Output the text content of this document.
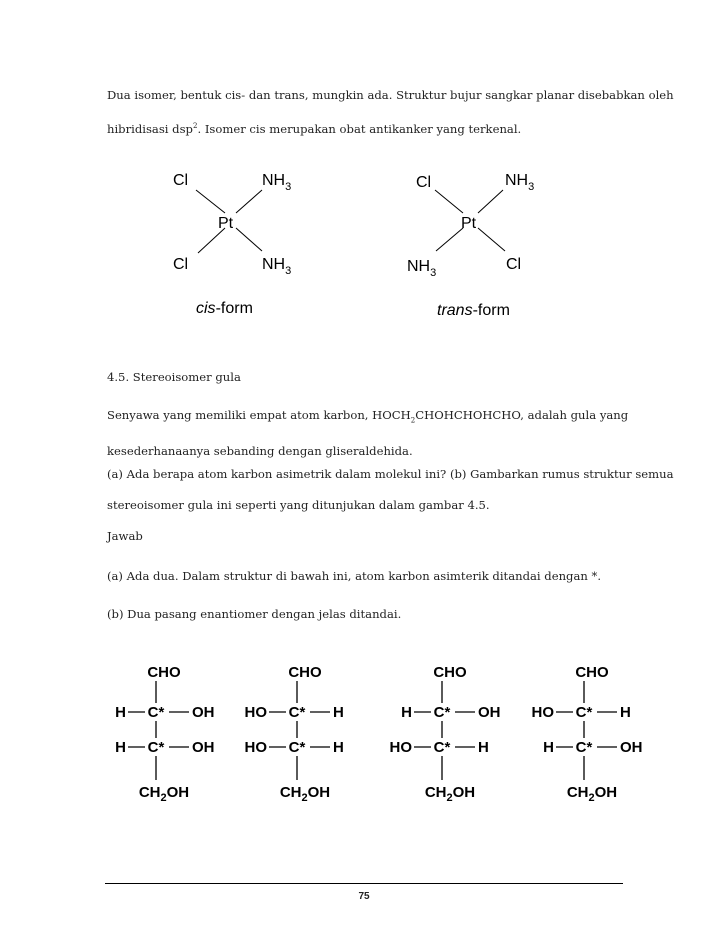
Dua isomer, bentuk cis- dan trans, mungkin ada. Struktur bujur sangkar planar disebabkan oleh
hibridisasi dsp$^2$. Isomer cis merupakan obat antikanker yang terkenal.
Cl	$NH_3$
Pt
Cl	$NH_3$
cis-form
Cl	$NH_3$
Pt
$NH_3$	Cl
trans-form
4.5. Stereoisomer gula
Senyawa yang memiliki empat atom karbon, $HOCH_2CHOHCHOHCHO$, adalah gula yang
kesederhanaanya sebanding dengan gliseraldehida.
(a) Ada berapa atom karbon asimetrik dalam molekul ini? (b) Gambarkan rumus struktur semua
stereoisomer gula ini seperti yang ditunjukan dalam gambar 4.5.
Jawab
(a) Ada dua. Dalam struktur di bawah ini, atom karbon asimterik ditandai dengan *.
(b) Dua pasang enantiomer dengan jelas ditandai.
CHO
C*
H	OH
C*
H	OH
$CH_2OH$
CHO
C*
HO	H
C*
HO	H
$CH_2OH$
CHO
C*
H	OH
C*
HO	H
$CH_2OH$
CHO
C*
HO	H
C*
H	OH
$CH_2OH$
75
